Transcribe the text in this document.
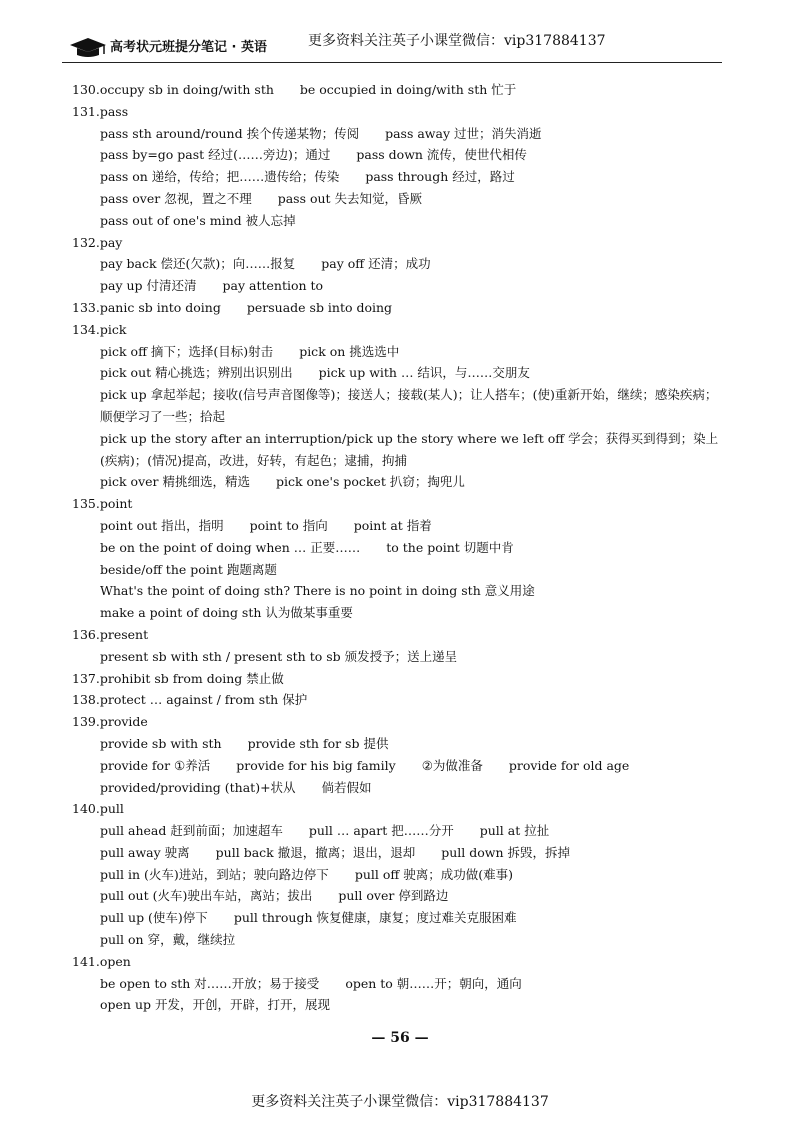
高考状元班提分笔记 · 英语	更多资料关注英子小课堂微信：vip317884137
130.occupy sb in doing/with sth be occupied in doing/with sth 忙于
131.pass
pass sth around/round 挨个传递某物；传阅 pass away 过世；消失消逝
pass by=go past 经过(……旁边)；通过 pass down 流传，使世代相传
pass on 递给，传给；把……遗传给；传染 pass through 经过，路过
pass over 忽视，置之不理 pass out 失去知觉，昏厥
pass out of one's mind 被人忘掉
132.pay
pay back 偿还(欠款)；向……报复 pay off 还清；成功
pay up 付清还清 pay attention to
133.panic sb into doing persuade sb into doing
134.pick
pick off 摘下；选择(目标)射击 pick on 挑选选中
pick out 精心挑选；辨别出识别出 pick up with … 结识，与……交朋友
pick up 拿起举起；接收(信号声音图像等)；接送人；接载(某人)；让人搭车；(使)重新开始，继续；感染疾病；顺便学习了一些；拾起
pick up the story after an interruption/pick up the story where we left off 学会；获得买到得到；染上(疾病)；(情况)提高，改进，好转，有起色；逮捕，拘捕
pick over 精挑细选，精选 pick one's pocket 扒窃；掏兜儿
135.point
point out 指出，指明 point to 指向 point at 指着
be on the point of doing when … 正要…… to the point 切题中肯
beside/off the point 跑题离题
What's the point of doing sth? There is no point in doing sth 意义用途
make a point of doing sth 认为做某事重要
136.present
present sb with sth / present sth to sb 颁发授予；送上递呈
137.prohibit sb from doing 禁止做
138.protect … against / from sth 保护
139.provide
provide sb with sth provide sth for sb 提供
provide for ①养活 provide for his big family ②为做准备 provide for old age
provided/providing (that)+状从 倘若假如
140.pull
pull ahead 赶到前面；加速超车 pull … apart 把……分开 pull at 拉扯
pull away 驶离 pull back 撤退，撤离；退出，退却 pull down 拆毁，拆掉
pull in (火车)进站，到站；驶向路边停下 pull off 驶离；成功做(难事)
pull out (火车)驶出车站，离站；拔出 pull over 停到路边
pull up (使车)停下 pull through 恢复健康，康复；度过难关克服困难
pull on 穿，戴，继续拉
141.open
be open to sth 对……开放；易于接受 open to 朝……开；朝向，通向
open up 开发，开创，开辟，打开，展现
— 56 —
更多资料关注英子小课堂微信：vip317884137
